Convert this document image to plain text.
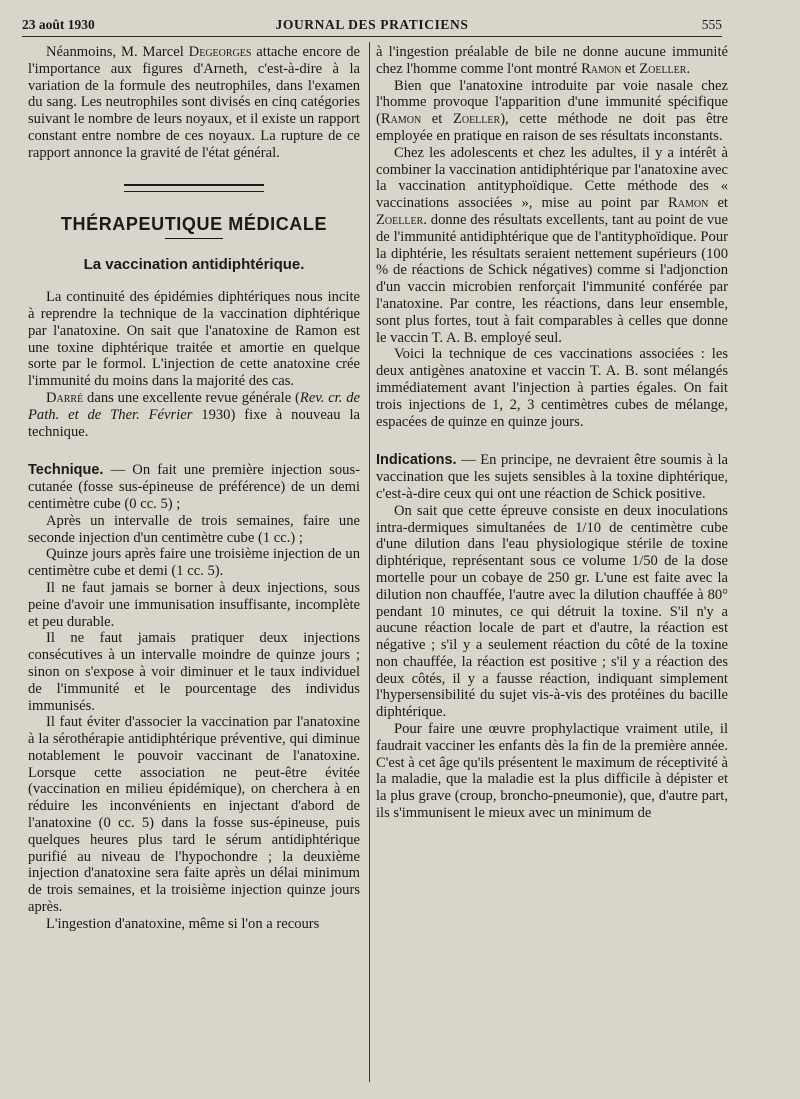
23 août 1930	JOURNAL DES PRATICIENS	555

Néanmoins, M. Marcel Degeorges attache encore de l'importance aux figures d'Arneth, c'est-à-dire à la variation de la formule des neutrophiles, dans l'examen du sang. Les neutrophiles sont divisés en cinq catégories suivant le nombre de leurs noyaux, et il existe un rapport constant entre nombre de ces noyaux. La rupture de ce rapport annonce la gravité de l'état général.

THÉRAPEUTIQUE MÉDICALE
La vaccination antidiphtérique.

La continuité des épidémies diphtériques nous incite à reprendre la technique de la vaccination diphtérique par l'anatoxine. On sait que l'anatoxine de Ramon est une toxine diphtérique traitée et amortie en quelque sorte par le formol. L'injection de cette anatoxine crée l'immunité du moins dans la majorité des cas.

Darré dans une excellente revue générale (Rev. cr. de Path. et de Ther. Février 1930) fixe à nouveau la technique.

Technique. — On fait une première injection sous-cutanée (fosse sus-épineuse de préférence) de un demi centimètre cube (0 cc. 5) ;

Après un intervalle de trois semaines, faire une seconde injection d'un centimètre cube (1 cc.) ;

Quinze jours après faire une troisième injection de un centimètre cube et demi (1 cc. 5).

Il ne faut jamais se borner à deux injections, sous peine d'avoir une immunisation insuffisante, incomplète et peu durable.

Il ne faut jamais pratiquer deux injections consécutives à un intervalle moindre de quinze jours ; sinon on s'expose à voir diminuer et le taux individuel de l'immunité et le pourcentage des individus immunisés.

Il faut éviter d'associer la vaccination par l'anatoxine à la sérothérapie antidiphtérique préventive, qui diminue notablement le pouvoir vaccinant de l'anatoxine. Lorsque cette association ne peut-être évitée (vaccination en milieu épidémique), on cherchera à en réduire les inconvénients en injectant d'abord de l'anatoxine (0 cc. 5) dans la fosse sus-épineuse, puis quelques heures plus tard le sérum antidiphtérique purifié au niveau de l'hypochondre ; la deuxième injection d'anatoxine sera faite après un délai minimum de trois semaines, et la troisième injection quinze jours après.

L'ingestion d'anatoxine, même si l'on a recours

à l'ingestion préalable de bile ne donne aucune immunité chez l'homme comme l'ont montré Ramon et Zoeller.

Bien que l'anatoxine introduite par voie nasale chez l'homme provoque l'apparition d'une immunité spécifique (Ramon et Zoeller), cette méthode ne doit pas être employée en pratique en raison de ses résultats inconstants.

Chez les adolescents et chez les adultes, il y a intérêt à combiner la vaccination antidiphtérique par l'anatoxine avec la vaccination antityphoïdique. Cette méthode des « vaccinations associées », mise au point par Ramon et Zoeller. donne des résultats excellents, tant au point de vue de l'immunité antidiphtérique que de l'antityphoïdique. Pour la diphtérie, les résultats seraient nettement supérieurs (100 % de réactions de Schick négatives) comme si l'adjonction d'un vaccin microbien renforçait l'immunité conférée par l'anatoxine. Par contre, les réactions, dans leur ensemble, sont plus fortes, tout à fait comparables à celles que donne le vaccin T. A. B. employé seul.

Voici la technique de ces vaccinations associées : les deux antigènes anatoxine et vaccin T. A. B. sont mélangés immédiatement avant l'injection à parties égales. On fait trois injections de 1, 2, 3 centimètres cubes de mélange, espacées de quinze en quinze jours.

Indications. — En principe, ne devraient être soumis à la vaccination que les sujets sensibles à la toxine diphtérique, c'est-à-dire ceux qui ont une réaction de Schick positive.

On sait que cette épreuve consiste en deux inoculations intra-dermiques simultanées de 1/10 de centimètre cube d'une dilution dans l'eau physiologique stérile de toxine diphtérique, représentant sous ce volume 1/50 de la dose mortelle pour un cobaye de 250 gr. L'une est faite avec la dilution non chauffée, l'autre avec la dilution chauffée à 80° pendant 10 minutes, ce qui détruit la toxine. S'il n'y a aucune réaction locale de part et d'autre, la réaction est négative ; s'il y a seulement réaction du côté de la toxine non chauffée, la réaction est positive ; s'il y a réaction des deux côtés, il y a fausse réaction, indiquant simplement l'hypersensibilité du sujet vis-à-vis des protéines du bacille diphtérique.

Pour faire une œuvre prophylactique vraiment utile, il faudrait vacciner les enfants dès la fin de la première année. C'est à cet âge qu'ils présentent le maximum de réceptivité à la maladie, que la maladie est la plus difficile à dépister et la plus grave (croup, broncho-pneumonie), que, d'autre part, ils s'immunisent le mieux avec un minimum de
